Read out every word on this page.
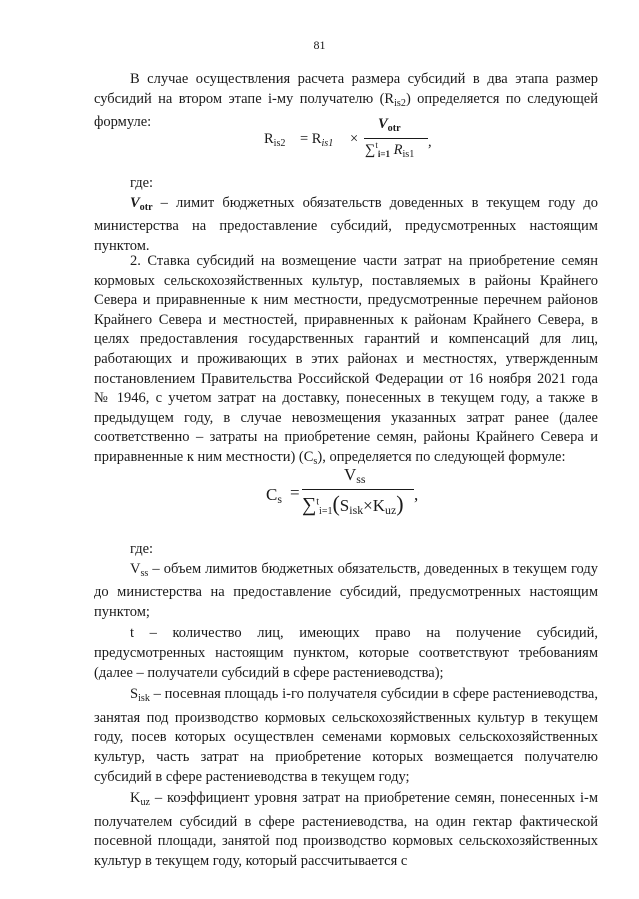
81

В случае осуществления расчета размера субсидий в два этапа размер субсидий на втором этапе i-му получателю $(R_{is2})$ определяется по следующей формуле:

$R_{is2} = R_{is1}$ ×
$V_{otr}$
∑$^t_{i=1}$ $R_{is1}$
,

где:

$V_{otr}$ – лимит бюджетных обязательств доведенных в текущем году до министерства на предоставление субсидий, предусмотренных настоящим пунктом.

2. Ставка субсидий на возмещение части затрат на приобретение семян кормовых сельскохозяйственных культур, поставляемых в районы Крайнего Севера и приравненные к ним местности, предусмотренные перечнем районов Крайнего Севера и местностей, приравненных к районам Крайнего Севера, в целях предоставления государственных гарантий и компенсаций для лиц, работающих и проживающих в этих районах и местностях, утвержденным постановлением Правительства Российской Федерации от 16 ноября 2021 года № 1946, с учетом затрат на доставку, понесенных в текущем году, а также в предыдущем году, в случае невозмещения указанных затрат ранее (далее соответственно – затраты на приобретение семян, районы Крайнего Севера и приравненные к ним местности) $(C_s)$, определяется по следующей формуле:

$C_s$ =
$V_{ss}$
$\sum^t_{i=1}(S_{isk}\times K_{uz})$ ,

где:

$V_{ss}$ – объем лимитов бюджетных обязательств, доведенных в текущем году до министерства на предоставление субсидий, предусмотренных настоящим пунктом;

t – количество лиц, имеющих право на получение субсидий, предусмотренных настоящим пунктом, которые соответствуют требованиям (далее – получатели субсидий в сфере растениеводства);

$S_{isk}$ – посевная площадь i-го получателя субсидии в сфере растениеводства, занятая под производство кормовых сельскохозяйственных культур в текущем году, посев которых осуществлен семенами кормовых сельскохозяйственных культур, часть затрат на приобретение которых возмещается получателю субсидий в сфере растениеводства в текущем году;

$K_{uz}$ – коэффициент уровня затрат на приобретение семян, понесенных i-м получателем субсидий в сфере растениеводства, на один гектар фактической посевной площади, занятой под производство кормовых сельскохозяйственных культур в текущем году, который рассчитывается с
